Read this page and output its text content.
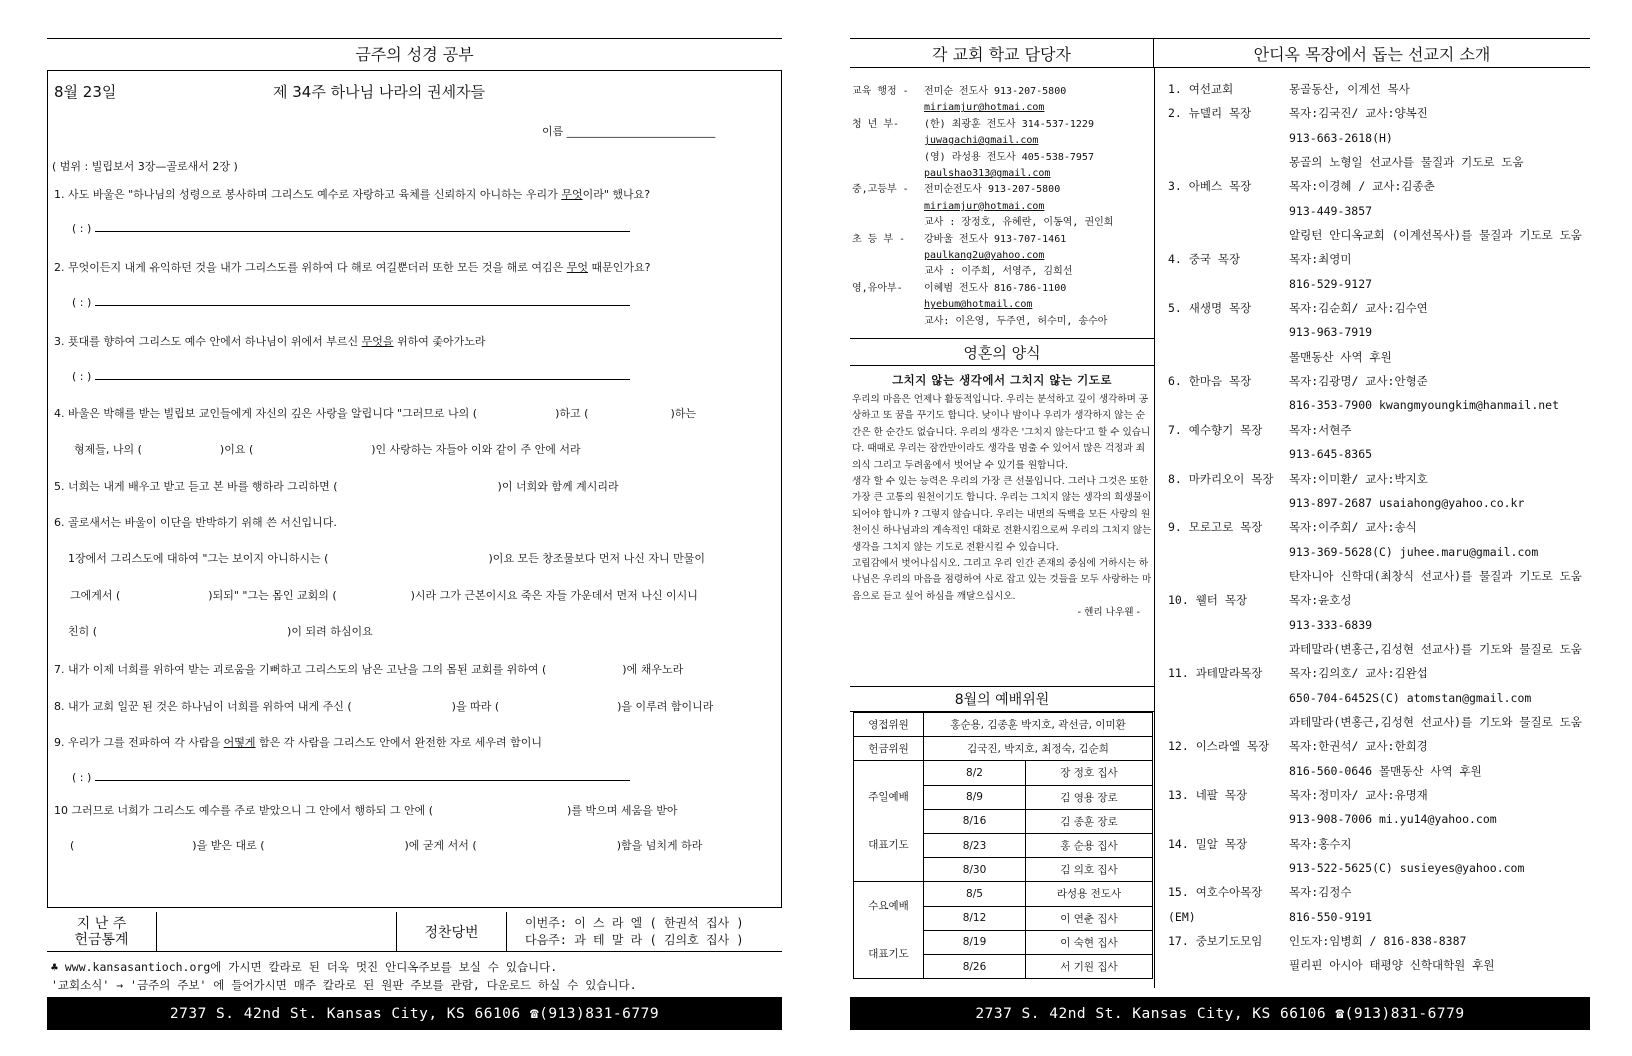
금주의 성경 공부
8월 23일	제 34주 하나님 나라의 권세자들
이름 ___________________________
( 범위 : 빌립보서 3장—골로새서 2장 )
1. 사도 바울은 "하나님의 성령으로 봉사하며 그리스도 예수로 자랑하고 육체를 신뢰하지 아니하는 우리가 무엇이라" 했나요?
( : )
2. 무엇이든지 내게 유익하던 것을 내가 그리스도를 위하여 다 해로 여길뿐더러 또한 모든 것을 해로 여김은 무엇 때문인가요?
( : )
3. 푯대를 향하여 그리스도 예수 안에서 하나님이 위에서 부르신 무엇을 위하여 좇아가노라
( : )
4. 바울은 박해를 받는 빌립보 교인들에게 자신의 깊은 사랑을 알립니다 "그러므로 나의 (	)하고 (	)하는
형제들, 나의 (	)이요 (	)인 사랑하는 자들아 이와 같이 주 안에 서라
5. 너희는 내게 배우고 받고 듣고 본 바를 행하라 그리하면 (	)이 너희와 함께 계시리라
6. 골로새서는 바울이 이단을 반박하기 위해 쓴 서신입니다.
1장에서 그리스도에 대하여 "그는 보이지 아니하시는 (	)이요 모든 창조물보다 먼저 나신 자니 만물이
그에게서 (	)되되" "그는 몸인 교회의 (	)시라 그가 근본이시요 죽은 자들 가운데서 먼저 나신 이시니
친히 (	)이 되려 하심이요
7. 내가 이제 너희를 위하여 받는 괴로움을 기뻐하고 그리스도의 남은 고난을 그의 몸된 교회를 위하여 (	)에 채우노라
8. 내가 교회 일꾼 된 것은 하나님이 너희를 위하여 내게 주신 (	)을 따라 (	)을 이루려 함이니라
9. 우리가 그를 전파하여 각 사람을 어떻게 함은 각 사람을 그리스도 안에서 완전한 자로 세우려 함이니
( : )
10 그러므로 너희가 그리스도 예수를 주로 받았으니 그 안에서 행하되 그 안에 (	)를 박으며 세움을 받아
(	)을 받은 대로 (	)에 굳게 서서 (	)함을 넘치게 하라
지 난 주
헌금통계	정찬당번
이번주: 이 스 라 엘 ( 한권석 집사 )
다음주: 과 테 말 라 ( 김의호 집사 )
♣ www.kansasantioch.org에 가시면 칼라로 된 더욱 멋진 안디옥주보를 보실 수 있습니다.
'교회소식' → '금주의 주보' 에 들어가시면 매주 칼라로 된 원판 주보를 관람, 다운로드 하실 수 있습니다.
2737 S. 42nd St. Kansas City, KS 66106 ☎(913)831-6779
각 교회 학교 담당자	안디옥 목장에서 돕는 선교지 소개
교육 행정 -	전미순 전도사 913-207-5800
miriamjur@hotmai.com
청 년 부-	(한) 최광훈 전도사 314-537-1229
juwagachi@gmail.com
(영) 라성용 전도사 405-538-7957
paulshao313@gmail.com
중,고등부 -	전미순전도사 913-207-5800
miriamjur@hotmai.com
교사 : 장정호, 유혜란, 이동역, 권인희
초 등 부 -	강바울 전도사 913-707-1461
paulkang2u@yahoo.com
교사 : 이주희, 서영주, 김희선
영,유아부-	이혜범 전도사 816-786-1100
hyebum@hotmail.com
교사: 이은영, 두주연, 허수미, 송수아
영혼의 양식
그치지 않는 생각에서 그치지 않는 기도로

우리의 마음은 언제나 활동적입니다. 우리는 분석하고 깊이 생각하며 공상하고 또 꿈을 꾸기도 합니다. 낮이나 밤이나 우리가 생각하지 않는 순간은 한 순간도 없습니다. 우리의 생각은 '그치지 않는다'고 할 수 있습니다. 때때로 우리는 잠깐만이라도 생각을 멈출 수 있어서 많은 걱정과 죄의식 그리고 두려움에서 벗어날 수 있기를 원합니다.

생각 할 수 있는 능력은 우리의 가장 큰 선물입니다. 그러나 그것은 또한 가장 큰 고통의 원천이기도 합니다. 우리는 그치지 않는 생각의 희생물이 되어야 합니까 ? 그렇지 않습니다. 우리는 내면의 독백을 모든 사랑의 원천이신 하나님과의 계속적인 대화로 전환시킴으로써 우리의 그치지 않는 생각을 그치지 않는 기도로 전환시킬 수 있습니다.

고립감에서 벗어나십시오. 그리고 우리 인간 존재의 중심에 거하시는 하나님은 우리의 마음을 점령하여 사로 잡고 있는 것들을 모두 사랑하는 마음으로 듣고 싶어 하심을 깨달으십시오.

- 헨리 나우웬 -

8월의 예배위원
영접위원	홍순용, 김종훈 박지호, 곽선금, 이미환	
헌금위원	김국진, 박지호, 최정숙, 김순희	

주일예배
대표기도	8/2	장 정호 집사
	8/9	김 영용 장로
	8/16	김 종훈 장로
	8/23	홍 순용 집사
	8/30	김 의호 집사

수요예배
대표기도	8/5	라성용 전도사
	8/12	이 연춘 집사
	8/19	이 숙현 집사
	8/26	서 기원 집사
1. 여선교회	몽골동산, 이계선 목사
2. 뉴델리 목장	목자:김국진/ 교사:양복진
913-663-2618(H)
몽골의 노형일 선교사를 물질과 기도로 도움
3. 아베스 목장	목자:이경혜 / 교사:김종춘
913-449-3857
알링턴 안디옥교회 (이계선목사)를 물질과 기도로 도움
4. 중국 목장	목자:최영미
816-529-9127
5. 새생명 목장	목자:김순희/ 교사:김수연
913-963-7919
몰맨동산 사역 후원
6. 한마음 목장	목자:김광명/ 교사:안형준
816-353-7900 kwangmyoungkim@hanmail.net
7. 예수향기 목장	목자:서현주
913-645-8365
8. 마카리오이 목장	목자:이미환/ 교사:박지호
913-897-2687 usaiahong@yahoo.co.kr
9. 모로고로 목장	목자:이주희/ 교사:송식
913-369-5628(C) juhee.maru@gmail.com
탄자니아 신학대(최창식 선교사)를 물질과 기도로 도움
10. 웰터 목장	목자:윤호성
913-333-6839
과테말라(변홍근,김성현 선교사)를 기도와 물질로 도움
11. 과테말라목장	목자:김의호/ 교사:김완섭
650-704-6452S(C) atomstan@gmail.com
과테말라(변홍근,김성현 선교사)를 기도와 물질로 도움
12. 이스라엘 목장	목자:한권석/ 교사:한희경
816-560-0646 몰맨동산 사역 후원
13. 네팔 목장	목자:정미자/ 교사:유명재
913-908-7006 mi.yu14@yahoo.com
14. 밀알 목장	목자:홍수지
913-522-5625(C) susieyes@yahoo.com
15. 여호수아목장	목자:김정수
(EM)	816-550-9191
17. 중보기도모임	인도자:임병희 / 816-838-8387
필리핀 아시아 태평양 신학대학원 후원
2737 S. 42nd St. Kansas City, KS 66106 ☎(913)831-6779
